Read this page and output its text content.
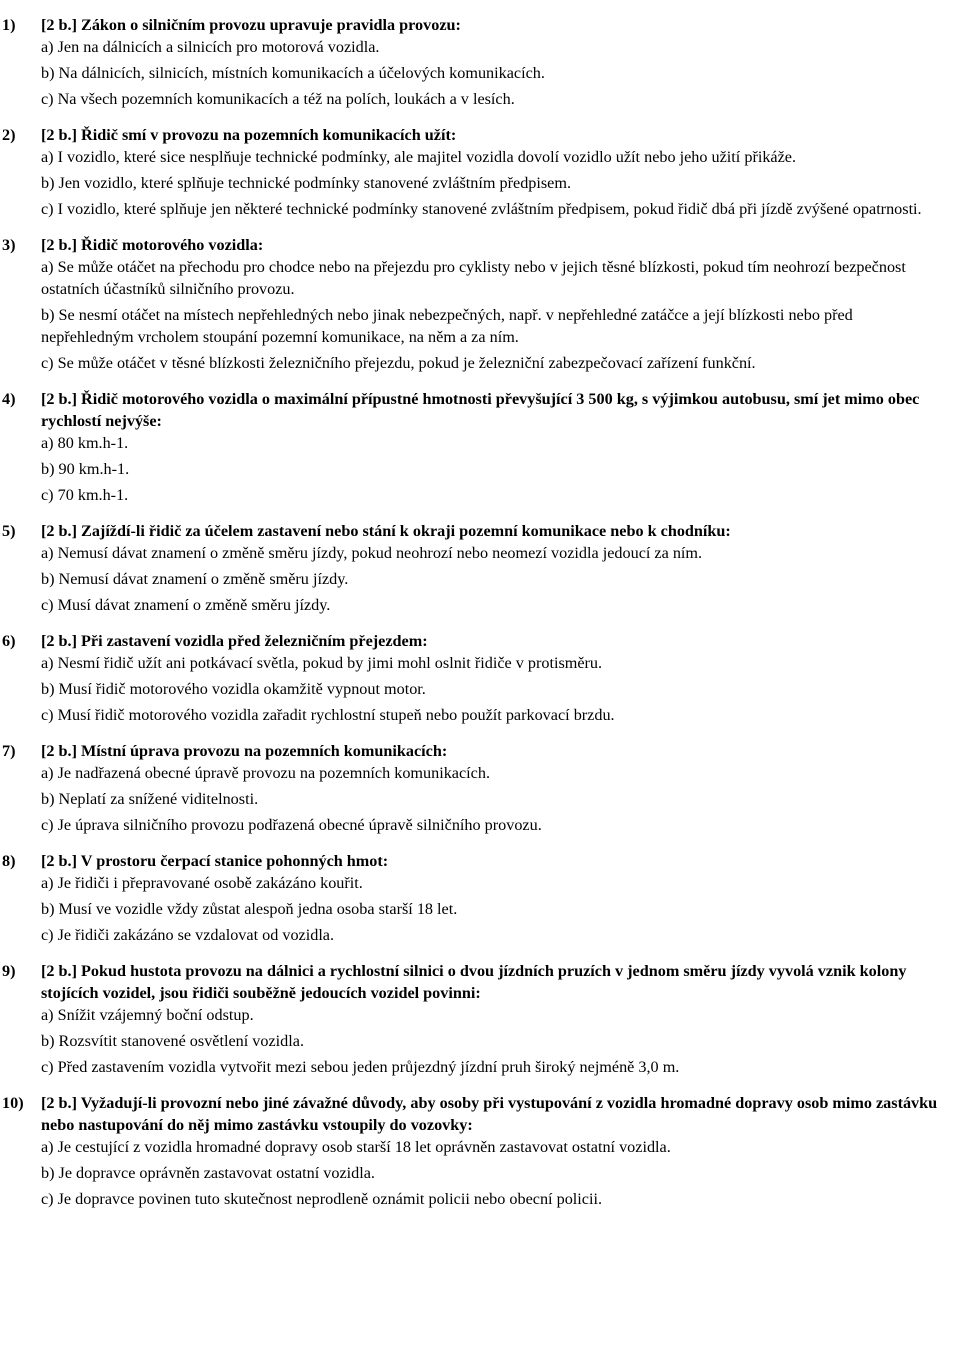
1)	[2 b.] Zákon o silničním provozu upravuje pravidla provozu:
a) Jen na dálnicích a silnicích pro motorová vozidla.
b) Na dálnicích, silnicích, místních komunikacích a účelových komunikacích.
c) Na všech pozemních komunikacích a též na polích, loukách a v lesích.
2)	[2 b.] Řidič smí v provozu na pozemních komunikacích užít:
a) I vozidlo, které sice nesplňuje technické podmínky, ale majitel vozidla dovolí vozidlo užít nebo jeho užití přikáže.
b) Jen vozidlo, které splňuje technické podmínky stanovené zvláštním předpisem.
c) I vozidlo, které splňuje jen některé technické podmínky stanovené zvláštním předpisem, pokud řidič dbá při jízdě zvýšené opatrnosti.
3)	[2 b.] Řidič motorového vozidla:
a) Se může otáčet na přechodu pro chodce nebo na přejezdu pro cyklisty nebo v jejich těsné blízkosti, pokud tím neohrozí bezpečnost ostatních účastníků silničního provozu.
b) Se nesmí otáčet na místech nepřehledných nebo jinak nebezpečných, např. v nepřehledné zatáčce a její blízkosti nebo před nepřehledným vrcholem stoupání pozemní komunikace, na něm a za ním.
c) Se může otáčet v těsné blízkosti železničního přejezdu, pokud je železniční zabezpečovací zařízení funkční.
4)	[2 b.] Řidič motorového vozidla o maximální přípustné hmotnosti převyšující 3 500 kg, s výjimkou autobusu, smí jet mimo obec rychlostí nejvýše:
a) 80 km.h-1.
b) 90 km.h-1.
c) 70 km.h-1.
5)	[2 b.] Zajíždí-li řidič za účelem zastavení nebo stání k okraji pozemní komunikace nebo k chodníku:
a) Nemusí dávat znamení o změně směru jízdy, pokud neohrozí nebo neomezí vozidla jedoucí za ním.
b) Nemusí dávat znamení o změně směru jízdy.
c) Musí dávat znamení o změně směru jízdy.
6)	[2 b.] Při zastavení vozidla před železničním přejezdem:
a) Nesmí řidič užít ani potkávací světla, pokud by jimi mohl oslnit řidiče v protisměru.
b) Musí řidič motorového vozidla okamžitě vypnout motor.
c) Musí řidič motorového vozidla zařadit rychlostní stupeň nebo použít parkovací brzdu.
7)	[2 b.] Místní úprava provozu na pozemních komunikacích:
a) Je nadřazená obecné úpravě provozu na pozemních komunikacích.
b) Neplatí za snížené viditelnosti.
c) Je úprava silničního provozu podřazená obecné úpravě silničního provozu.
8)	[2 b.] V prostoru čerpací stanice pohonných hmot:
a) Je řidiči i přepravované osobě zakázáno kouřit.
b) Musí ve vozidle vždy zůstat alespoň jedna osoba starší 18 let.
c) Je řidiči zakázáno se vzdalovat od vozidla.
9)	[2 b.] Pokud hustota provozu na dálnici a rychlostní silnici o dvou jízdních pruzích v jednom směru jízdy vyvolá vznik kolony stojících vozidel, jsou řidiči souběžně jedoucích vozidel povinni:
a) Snížit vzájemný boční odstup.
b) Rozsvítit stanovené osvětlení vozidla.
c) Před zastavením vozidla vytvořit mezi sebou jeden průjezdný jízdní pruh široký nejméně 3,0 m.
10)	[2 b.] Vyžadují-li provozní nebo jiné závažné důvody, aby osoby při vystupování z vozidla hromadné dopravy osob mimo zastávku nebo nastupování do něj mimo zastávku vstoupily do vozovky:
a) Je cestující z vozidla hromadné dopravy osob starší 18 let oprávněn zastavovat ostatní vozidla.
b) Je dopravce oprávněn zastavovat ostatní vozidla.
c) Je dopravce povinen tuto skutečnost neprodleně oznámit policii nebo obecní policii.
